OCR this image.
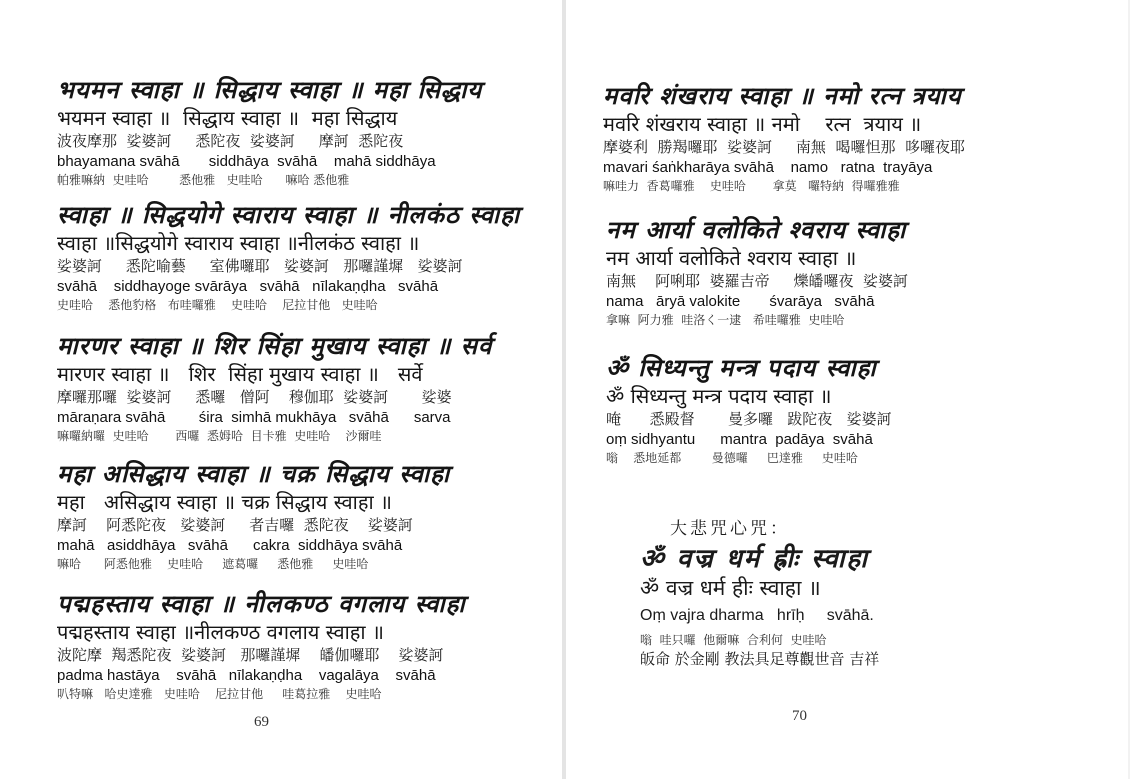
भयमन स्वाहा ॥ सिद्धाय स्वाहा ॥ महा सिद्धाय
भयमन स्वाहा ॥  सिद्धाय स्वाहा ॥  महा सिद्धाय
波夜摩那  娑婆訶     悉陀夜  娑婆訶     摩訶  悉陀夜
bhayamana svāhā       siddhāya  svāhā    mahā siddhāya
帕雅嘛納  史哇哈        悉他雅   史哇哈      嘛哈 悉他雅
स्वाहा ॥ सिद्धयोगे स्वाराय स्वाहा ॥ नीलकंठ स्वाहा
स्वाहा ॥सिद्धयोगे स्वाराय स्वाहा ॥नीलकंठ स्वाहा ॥
娑婆訶     悉陀喻藝     室佛囉耶   娑婆訶   那囉謹墀   娑婆訶
svāhā    siddhayoge svārāya   svāhā   nīlakaṇḍha   svāhā
史哇哈    悉他豹格   布哇囉雅    史哇哈    尼拉甘他   史哇哈
मारणर स्वाहा ॥ शिर सिंहा मुखाय स्वाहा ॥ सर्व
मारणर स्वाहा ॥   शिर  सिंहा मुखाय स्वाहा ॥   सर्वे
摩囉那囉  娑婆訶     悉囉   僧阿    穆伽耶  娑婆訶       娑婆
māraṇara svāhā        śira  simhā mukhāya   svāhā      sarva
嘛囉納囉  史哇哈       西囉  悉姆哈  目卡雅  史哇哈    沙爾哇
महा असिद्धाय स्वाहा ॥ चक्र सिद्धाय स्वाहा
महा   असिद्धाय स्वाहा ॥ चक्र सिद्धाय स्वाहा ॥
摩訶    阿悉陀夜   娑婆訶     者吉囉  悉陀夜    娑婆訶
mahā   asiddhāya   svāhā      cakra  siddhāya svāhā
嘛哈      阿悉他雅    史哇哈     遮葛囉     悉他雅     史哇哈
पद्महस्ताय स्वाहा ॥ नीलकण्ठ वगलाय स्वाहा
पद्महस्ताय स्वाहा ॥नीलकण्ठ वगलाय स्वाहा ॥
波陀摩  羯悉陀夜  娑婆訶   那囉謹墀    皤伽囉耶    娑婆訶
padma hastāya    svāhā   nīlakaṇḍha    vagalāya    svāhā
叭特嘛   哈史達雅   史哇哈    尼拉甘他     哇葛拉雅    史哇哈
69
मवरि शंखराय स्वाहा ॥ नमो रत्न त्रयाय
मवरि शंखराय स्वाहा ॥ नमो    रत्न  त्रयाय ॥
摩婆利  勝羯囉耶  娑婆訶     南無  喝囉怛那  哆囉夜耶
mavari śaṅkharāya svāhā    namo   ratna  trayāya
嘛哇力  香葛囉雅    史哇哈       拿莫   囉特納  得囉雅雅
नम आर्या वलोकिते श्वराय स्वाहा
नम आर्या वलोकिते श्वराय स्वाहा ॥
南無    阿唎耶  婆羅吉帝     爍皤囉夜  娑婆訶
nama   āryā valokite       śvarāya   svāhā
拿嘛  阿力雅  哇洛く一逮   希哇囉雅  史哇哈
ॐ सिध्यन्तु मन्त्र पदाय स्वाहा
ॐ सिध्यन्तु मन्त्र पदाय स्वाहा ॥
唵      悉殿督       曼多囉   跋陀夜   娑婆訶
oṃ sidhyantu      mantra  padāya  svāhā
嗡    悉地延都        曼德囉     巴達雅     史哇哈
大悲咒心咒：
ॐ वज्र धर्म ह्रीः स्वाहा
ॐ वज्र धर्म हीः स्वाहा ॥
Oṃ vajra dharma   hrīḥ     svāhā.
嗡  哇只囉  他爾嘛  合利何  史哇哈
皈命 於金剛 教法具足尊觀世音 吉祥
70
